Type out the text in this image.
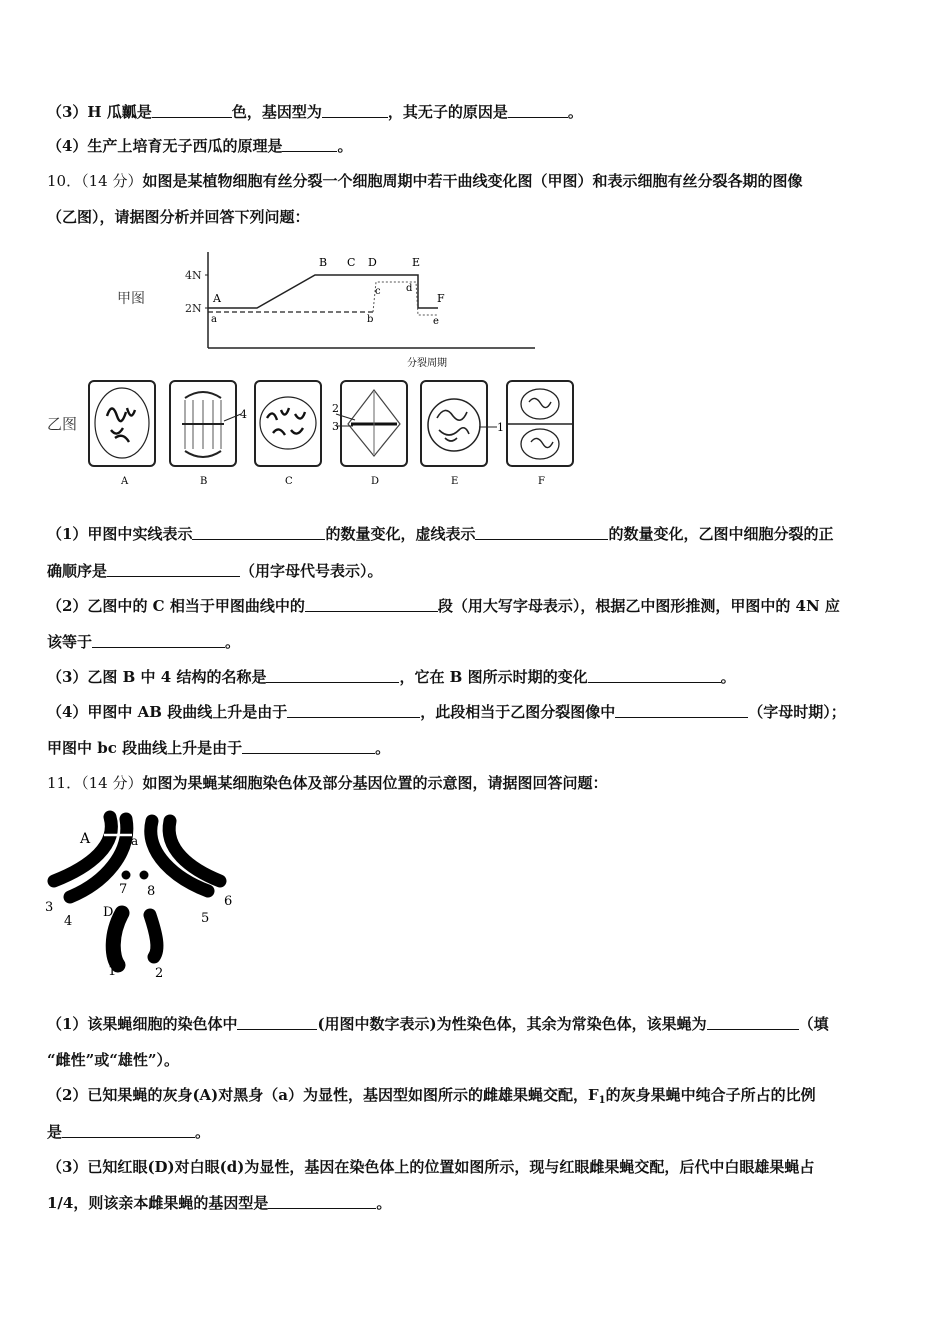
（3）H 瓜瓤是	色，基因型为	，其无子的原因是	。
（4）生产上培育无子西瓜的原理是	。
10．（14 分）如图是某植物细胞有丝分裂一个细胞周期中若干曲线变化图（甲图）和表示细胞有丝分裂各期的图像
（乙图），请据图分析并回答下列问题：
甲图
4N
2N
A
B C D	E
F
a	b
c	d
e
分裂周期
乙图
4	2
3	1
A	B	C	D	E	F
（1）甲图中实线表示	的数量变化，虚线表示	的数量变化，乙图中细胞分裂的正
确顺序是	（用字母代号表示）。
（2）乙图中的 C 相当于甲图曲线中的	段（用大写字母表示），根据乙中图形推测，甲图中的 4N 应
该等于	。
（3）乙图 B 中 4 结构的名称是	，它在 B 图所示时期的变化	。
（4）甲图中 AB 段曲线上升是由于	，此段相当于乙图分裂图像中	（字母时期）；
甲图中 bc 段曲线上升是由于	。
11．（14 分）如图为果蝇某细胞染色体及部分基因位置的示意图，请据图回答问题：
A	a
7 8
D
3
4	5
6
1	2
（1）该果蝇细胞的染色体中	(用图中数字表示)为性染色体，其余为常染色体，该果蝇为	（填
“雌性”或“雄性”）。
（2）已知果蝇的灰身(A)对黑身（a）为显性，基因型如图所示的雌雄果蝇交配，$F_1$的灰身果蝇中纯合子所占的比例
是	。
（3）已知红眼(D)对白眼(d)为显性，基因在染色体上的位置如图所示，现与红眼雌果蝇交配，后代中白眼雄果蝇占
1/4，则该亲本雌果蝇的基因型是	。
